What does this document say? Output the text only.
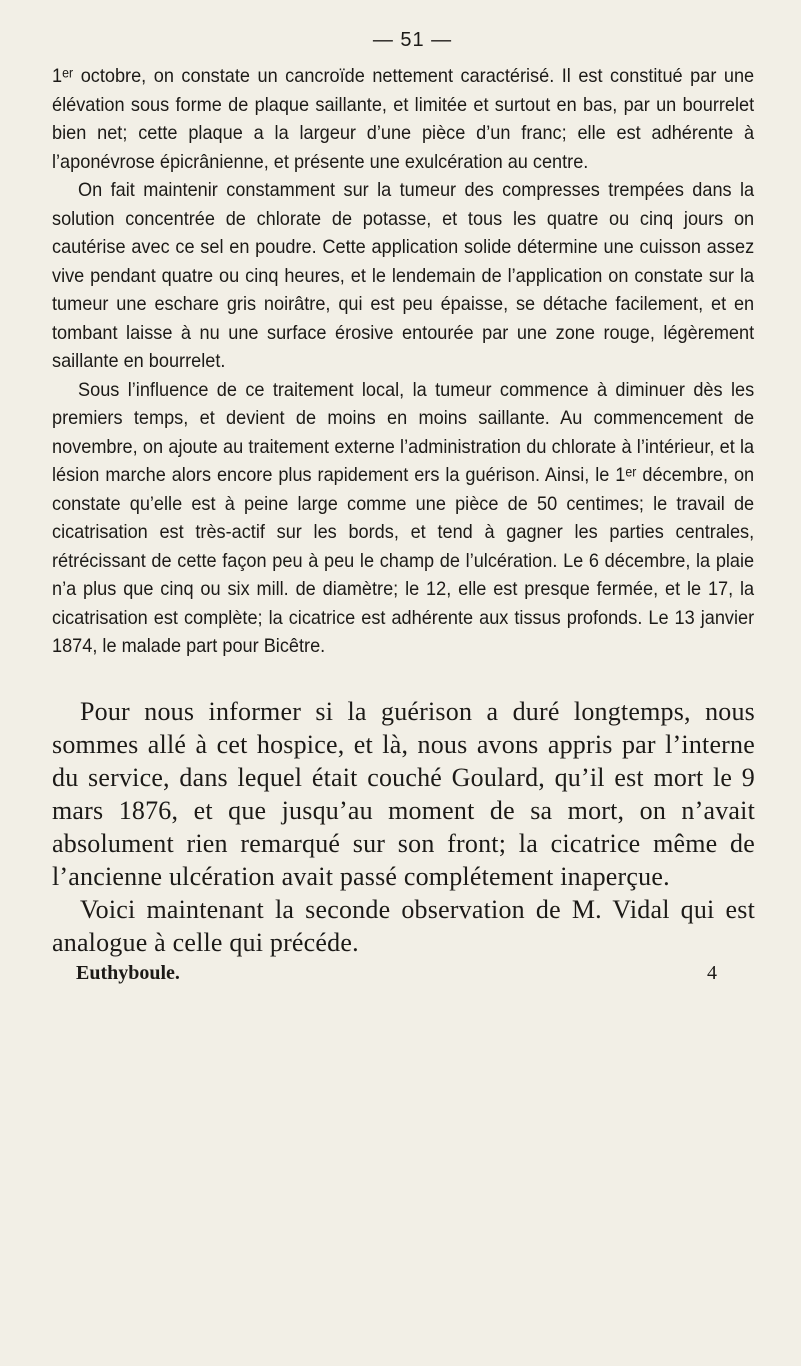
— 51 —

1ᵉʳ octobre, on constate un cancroïde nettement caractérisé. Il est constitué par une élévation sous forme de plaque saillante, et limitée et surtout en bas, par un bourrelet bien net; cette plaque a la largeur d’une pièce d’un franc; elle est adhérente à l’aponévrose épicrânienne, et présente une exulcération au centre.

On fait maintenir constamment sur la tumeur des compresses trempées dans la solution concentrée de chlorate de potasse, et tous les quatre ou cinq jours on cautérise avec ce sel en poudre. Cette application solide détermine une cuisson assez vive pendant quatre ou cinq heures, et le lendemain de l’application on constate sur la tumeur une eschare gris noirâtre, qui est peu épaisse, se détache facilement, et en tombant laisse à nu une surface érosive entourée par une zone rouge, légèrement saillante en bourrelet.

Sous l’influence de ce traitement local, la tumeur commence à diminuer dès les premiers temps, et devient de moins en moins saillante. Au commencement de novembre, on ajoute au traitement externe l’administration du chlorate à l’intérieur, et la lésion marche alors encore plus rapidement ers la guérison. Ainsi, le 1ᵉʳ décembre, on constate qu’elle est à peine large comme une pièce de 50 centimes; le travail de cicatrisation est très-actif sur les bords, et tend à gagner les parties centrales, rétrécissant de cette façon peu à peu le champ de l’ulcération. Le 6 décembre, la plaie n’a plus que cinq ou six mill. de diamètre; le 12, elle est presque fermée, et le 17, la cicatrisation est complète; la cicatrice est adhérente aux tissus profonds. Le 13 janvier 1874, le malade part pour Bicêtre.

Pour nous informer si la guérison a duré longtemps, nous sommes allé à cet hospice, et là, nous avons appris par l’interne du service, dans lequel était couché Goulard, qu’il est mort le 9 mars 1876, et que jusqu’au moment de sa mort, on n’avait absolument rien remarqué sur son front; la cicatrice même de l’ancienne ulcération avait passé complétement inaperçue.

Voici maintenant la seconde observation de M. Vidal qui est analogue à celle qui précéde.

Euthyboule.	4
